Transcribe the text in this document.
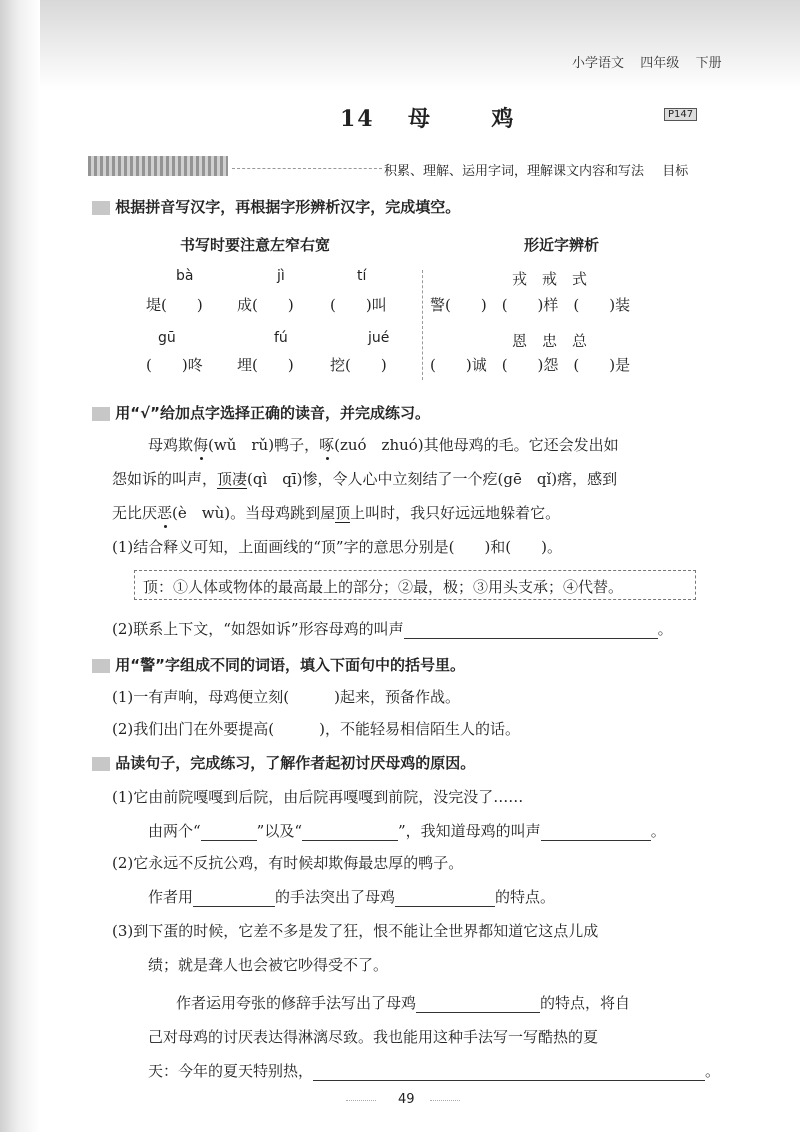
小学语文 四年级 下册
14 母	鸡	P147
积累、理解、运用字词，理解课文内容和写法 目标
根据拼音写汉字，再根据字形辨析汉字，完成填空。
书写时要注意左窄右宽	形近字辨析
bà	jì	tí
堤(　　) 成(　　) (　　)叫
gū	fú	jué
(　　)咚 埋(　　) 挖(　　)
戎　戒　式
警(　　)　(　　)样　(　　)装
恩　忠　总
(　　)诚　(　　)怨　(　　)是
用“√”给加点字选择正确的读音，并完成练习。
母鸡欺侮(wǔ　rǔ)鸭子，啄(zuó　zhuó)其他母鸡的毛。它还会发出如
怨如诉的叫声，顶凄(qì　qī)惨，令人心中立刻结了一个疙(gē　qǐ)瘩，感到
无比厌恶(è　wù)。当母鸡跳到屋顶上叫时，我只好远远地躲着它。
(1)结合释义可知，上面画线的“顶”字的意思分别是(　　)和(　　)。
顶：①人体或物体的最高最上的部分；②最，极；③用头支承；④代替。
(2)联系上下文，“如怨如诉”形容母鸡的叫声	。
用“警”字组成不同的词语，填入下面句中的括号里。
(1)一有声响，母鸡便立刻(　　　)起来，预备作战。
(2)我们出门在外要提高(　　　)，不能轻易相信陌生人的话。
品读句子，完成练习，了解作者起初讨厌母鸡的原因。
(1)它由前院嘎嘎到后院，由后院再嘎嘎到前院，没完没了……
由两个“	”以及“	”，我知道母鸡的叫声	。
(2)它永远不反抗公鸡，有时候却欺侮最忠厚的鸭子。
作者用	的手法突出了母鸡	的特点。
(3)到下蛋的时候，它差不多是发了狂，恨不能让全世界都知道它这点儿成
绩；就是聋人也会被它吵得受不了。
作者运用夸张的修辞手法写出了母鸡	的特点，将自
己对母鸡的讨厌表达得淋漓尽致。我也能用这种手法写一写酷热的夏
天：今年的夏天特别热，	。
49
